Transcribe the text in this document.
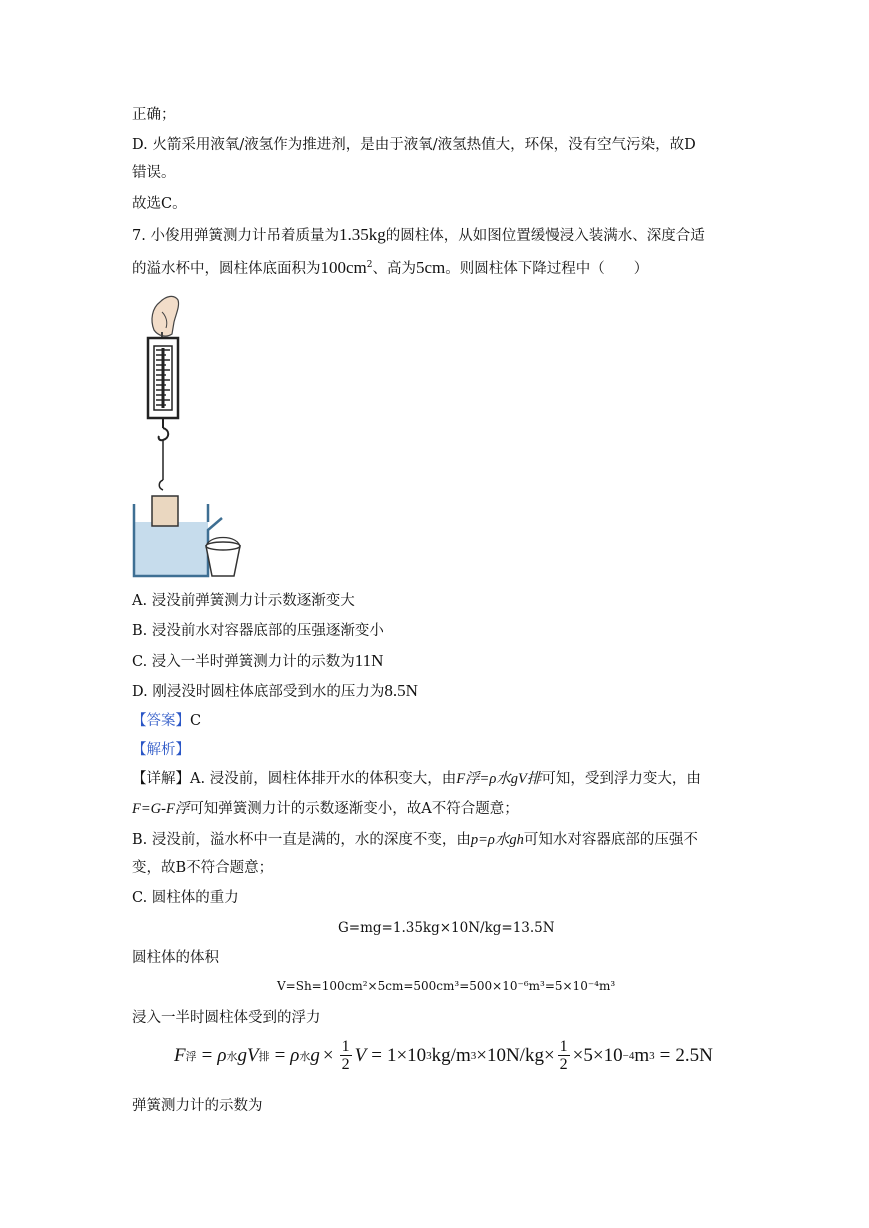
正确；
D. 火箭采用液氧/液氢作为推进剂，是由于液氧/液氢热值大，环保，没有空气污染，故D
错误。
故选C。
7. 小俊用弹簧测力计吊着质量为1.35kg的圆柱体，从如图位置缓慢浸入装满水、深度合适
的溢水杯中，圆柱体底面积为$100cm^2$、高为5cm。则圆柱体下降过程中（　　）
A. 浸没前弹簧测力计示数逐渐变大
B. 浸没前水对容器底部的压强逐渐变小
C. 浸入一半时弹簧测力计的示数为11N
D. 刚浸没时圆柱体底部受到水的压力为8.5N
【答案】C
【解析】
【详解】A. 浸没前，圆柱体排开水的体积变大，由F浮=ρ水gV排可知，受到浮力变大，由
F=G-F浮可知弹簧测力计的示数逐渐变小，故A不符合题意；
B. 浸没前，溢水杯中一直是满的，水的深度不变，由p=ρ水gh可知水对容器底部的压强不
变，故B不符合题意；
C. 圆柱体的重力
G=mg=1.35kg×10N/kg=13.5N
圆柱体的体积
V=Sh=100cm²×5cm=500cm³=500×10⁻⁶m³=5×10⁻⁴m³
浸入一半时圆柱体受到的浮力
F 浮 = ρ 水 g V 排 = ρ 水 $g \times \frac{1}{2}$ V = 1×10 3 kg/m $3 \times 10N/kg\times \frac{1}{2} \times 5\times 10 -4$ m 3 = 2.5N
弹簧测力计的示数为
